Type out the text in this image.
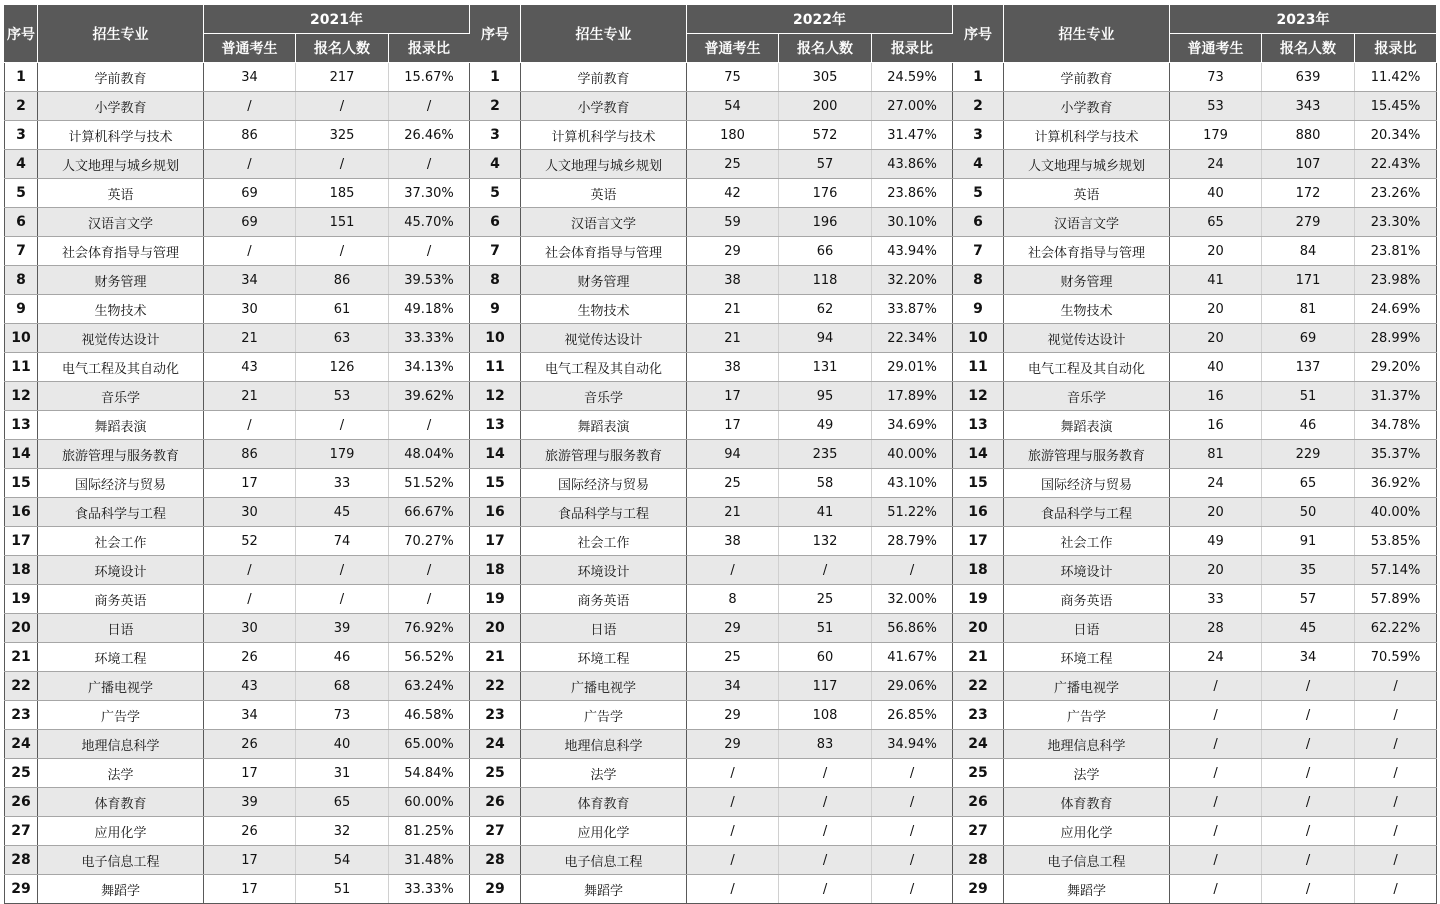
序号	招生专业	2021年			序号	招生专业	2022年			序号	招生专业	2023年		
		普通考生	报名人数	报录比			普通考生	报名人数	报录比			普通考生	报名人数	报录比
1	学前教育	34	217	15.67%	1	学前教育	75	305	24.59%	1	学前教育	73	639	11.42%
2	小学教育	/	/	/	2	小学教育	54	200	27.00%	2	小学教育	53	343	15.45%
3	计算机科学与技术	86	325	26.46%	3	计算机科学与技术	180	572	31.47%	3	计算机科学与技术	179	880	20.34%
4	人文地理与城乡规划	/	/	/	4	人文地理与城乡规划	25	57	43.86%	4	人文地理与城乡规划	24	107	22.43%
5	英语	69	185	37.30%	5	英语	42	176	23.86%	5	英语	40	172	23.26%
6	汉语言文学	69	151	45.70%	6	汉语言文学	59	196	30.10%	6	汉语言文学	65	279	23.30%
7	社会体育指导与管理	/	/	/	7	社会体育指导与管理	29	66	43.94%	7	社会体育指导与管理	20	84	23.81%
8	财务管理	34	86	39.53%	8	财务管理	38	118	32.20%	8	财务管理	41	171	23.98%
9	生物技术	30	61	49.18%	9	生物技术	21	62	33.87%	9	生物技术	20	81	24.69%
10	视觉传达设计	21	63	33.33%	10	视觉传达设计	21	94	22.34%	10	视觉传达设计	20	69	28.99%
11	电气工程及其自动化	43	126	34.13%	11	电气工程及其自动化	38	131	29.01%	11	电气工程及其自动化	40	137	29.20%
12	音乐学	21	53	39.62%	12	音乐学	17	95	17.89%	12	音乐学	16	51	31.37%
13	舞蹈表演	/	/	/	13	舞蹈表演	17	49	34.69%	13	舞蹈表演	16	46	34.78%
14	旅游管理与服务教育	86	179	48.04%	14	旅游管理与服务教育	94	235	40.00%	14	旅游管理与服务教育	81	229	35.37%
15	国际经济与贸易	17	33	51.52%	15	国际经济与贸易	25	58	43.10%	15	国际经济与贸易	24	65	36.92%
16	食品科学与工程	30	45	66.67%	16	食品科学与工程	21	41	51.22%	16	食品科学与工程	20	50	40.00%
17	社会工作	52	74	70.27%	17	社会工作	38	132	28.79%	17	社会工作	49	91	53.85%
18	环境设计	/	/	/	18	环境设计	/	/	/	18	环境设计	20	35	57.14%
19	商务英语	/	/	/	19	商务英语	8	25	32.00%	19	商务英语	33	57	57.89%
20	日语	30	39	76.92%	20	日语	29	51	56.86%	20	日语	28	45	62.22%
21	环境工程	26	46	56.52%	21	环境工程	25	60	41.67%	21	环境工程	24	34	70.59%
22	广播电视学	43	68	63.24%	22	广播电视学	34	117	29.06%	22	广播电视学	/	/	/
23	广告学	34	73	46.58%	23	广告学	29	108	26.85%	23	广告学	/	/	/
24	地理信息科学	26	40	65.00%	24	地理信息科学	29	83	34.94%	24	地理信息科学	/	/	/
25	法学	17	31	54.84%	25	法学	/	/	/	25	法学	/	/	/
26	体育教育	39	65	60.00%	26	体育教育	/	/	/	26	体育教育	/	/	/
27	应用化学	26	32	81.25%	27	应用化学	/	/	/	27	应用化学	/	/	/
28	电子信息工程	17	54	31.48%	28	电子信息工程	/	/	/	28	电子信息工程	/	/	/
29	舞蹈学	17	51	33.33%	29	舞蹈学	/	/	/	29	舞蹈学	/	/	/
